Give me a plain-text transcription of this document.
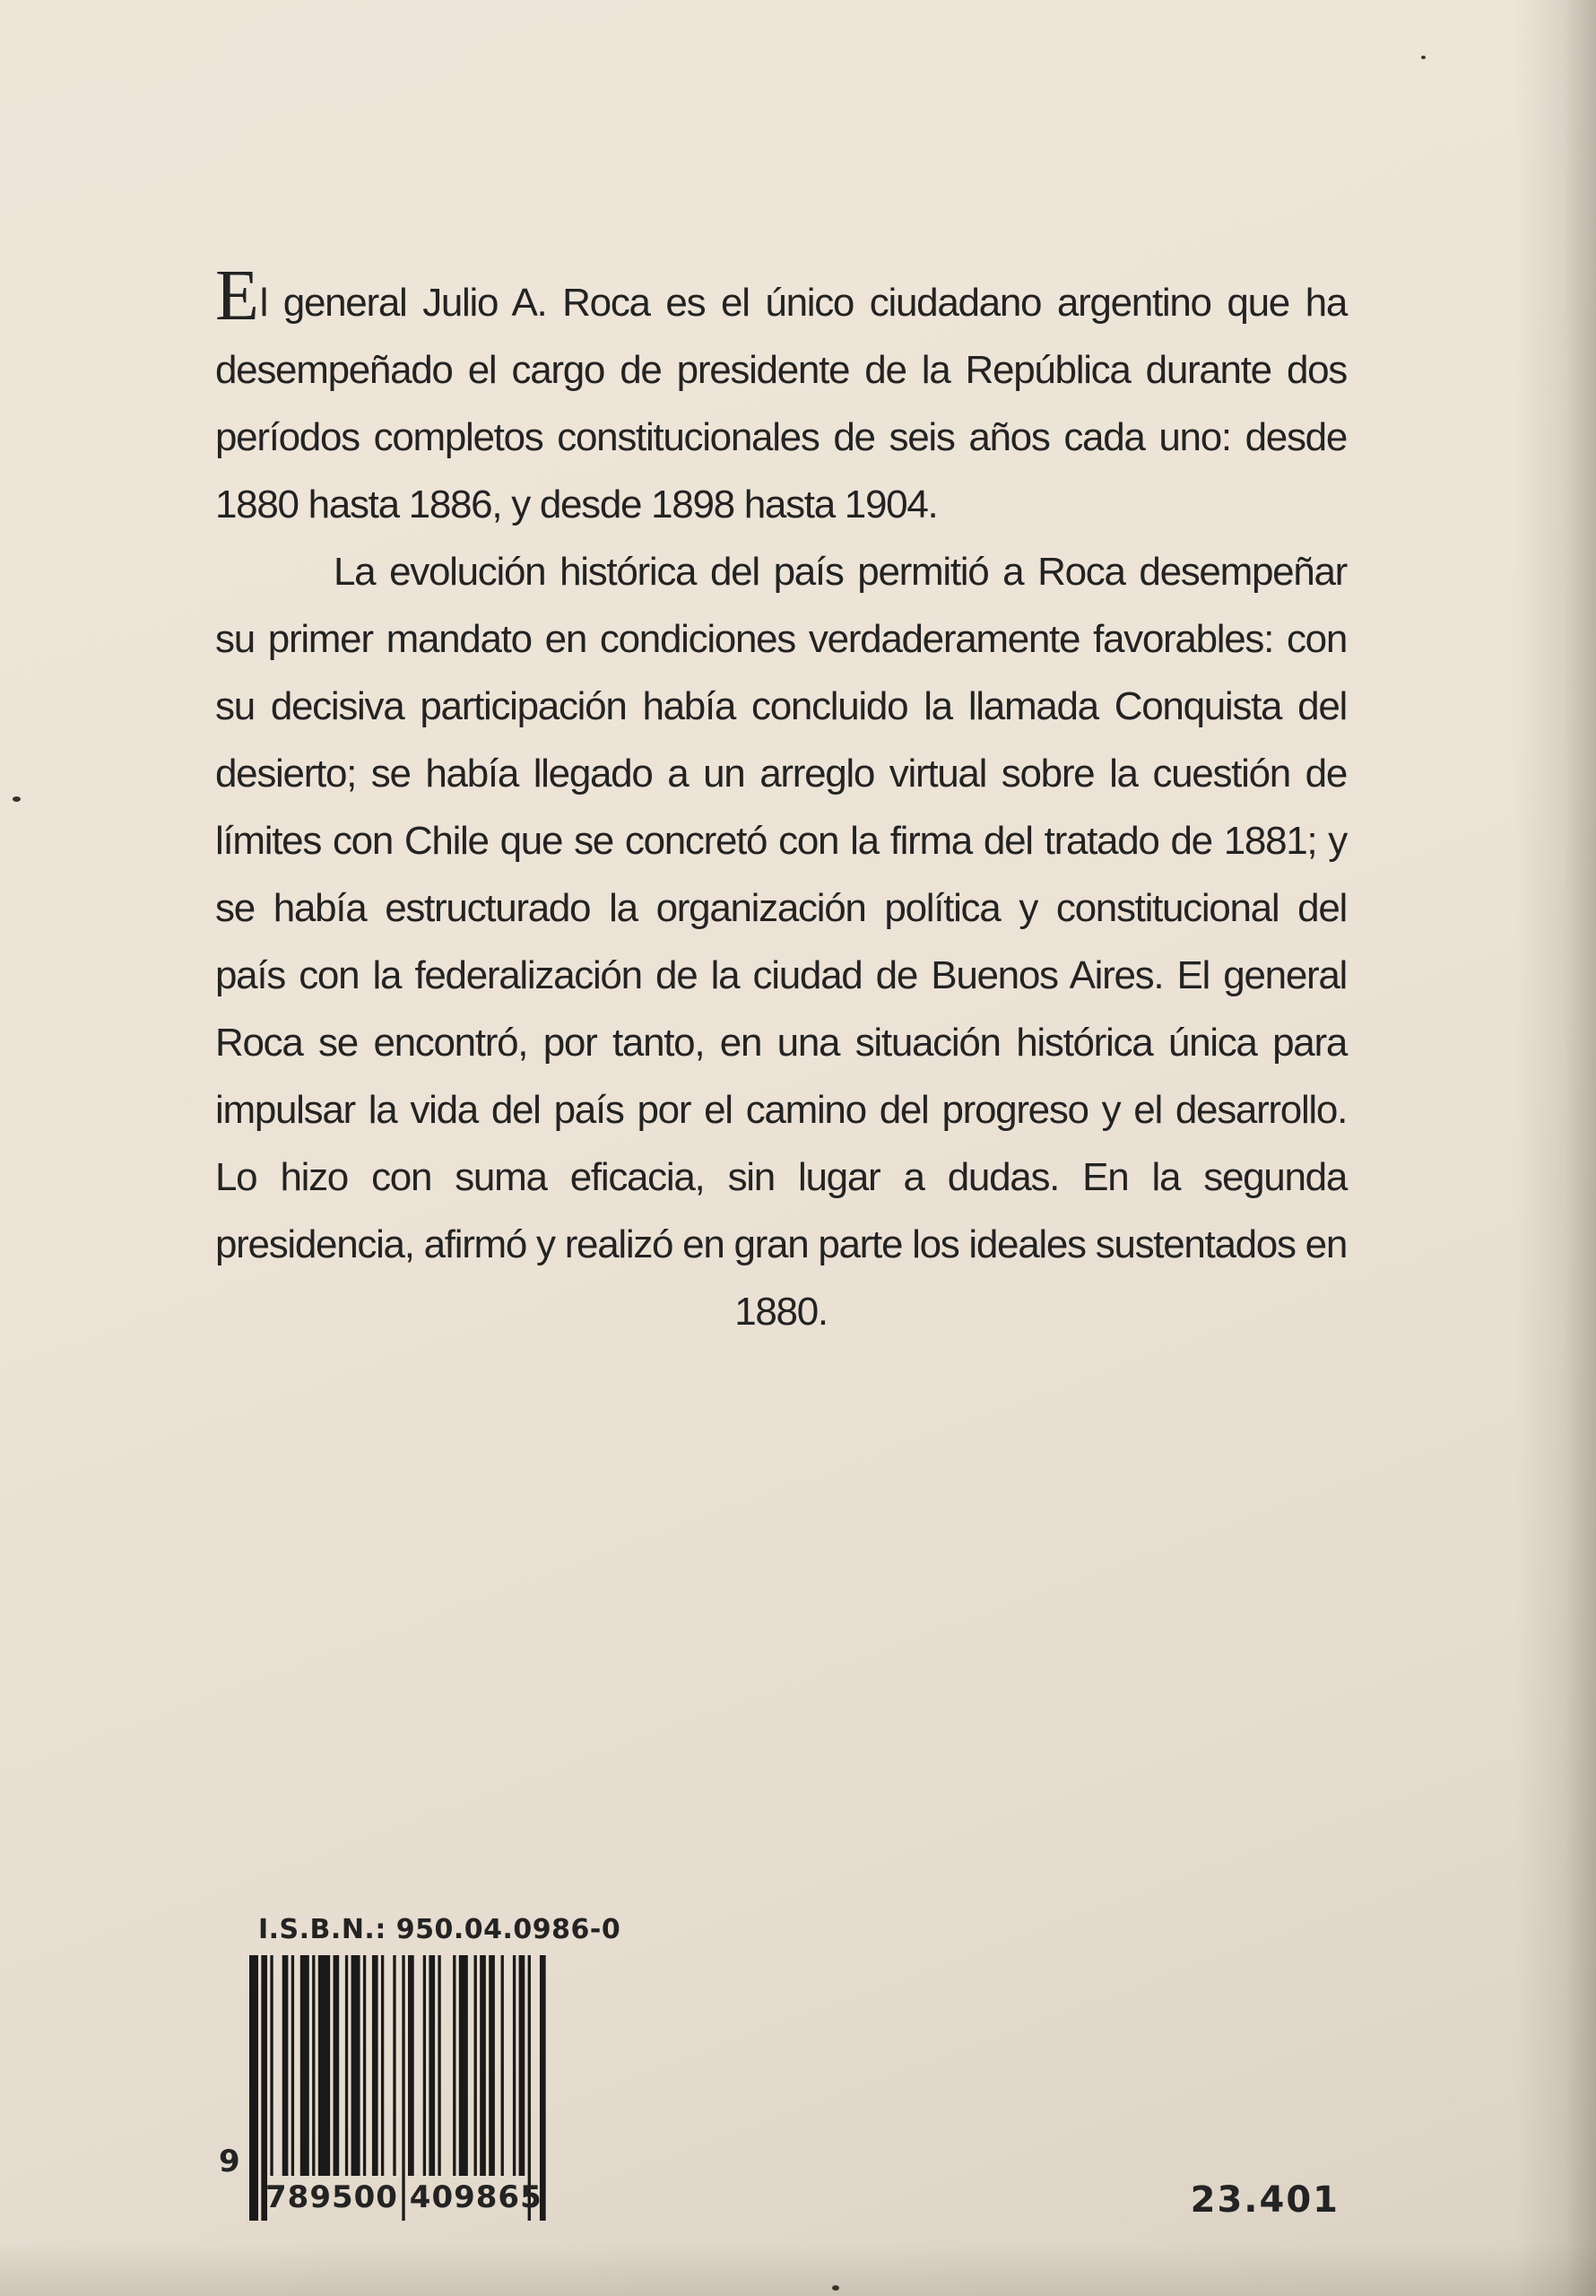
El general Julio A. Roca es el único ciudadano argentino que ha desempeñado el cargo de presidente de la República durante dos períodos completos constitucionales de seis años cada uno: desde 1880 hasta 1886, y desde 1898 hasta 1904.

La evolución histórica del país permitió a Roca desempeñar su primer mandato en condiciones verdaderamente favorables: con su decisiva participación había concluido la llamada Conquista del desierto; se había llegado a un arreglo virtual sobre la cuestión de límites con Chile que se concretó con la firma del tratado de 1881; y se había estructurado la organización política y constitucional del país con la federalización de la ciudad de Buenos Aires. El general Roca se encontró, por tanto, en una situación histórica única para impulsar la vida del país por el camino del progreso y el desarrollo. Lo hizo con suma eficacia, sin lugar a dudas. En la segunda presidencia, afirmó y realizó en gran parte los ideales sustentados en 1880.

I.S.B.N.: 950.04.0986-0
9
789500 409865	23.401
